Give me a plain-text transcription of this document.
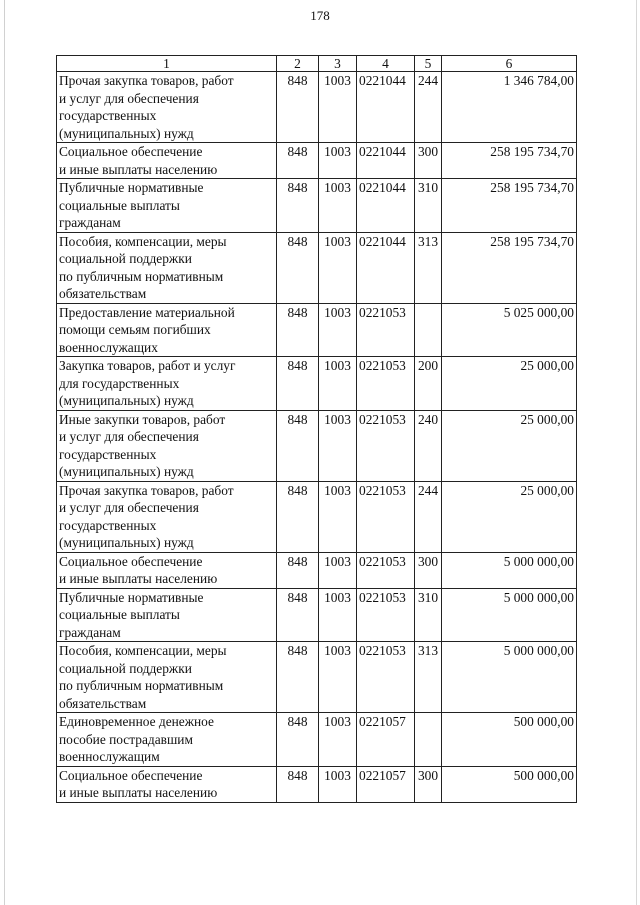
178
1	2	3	4	5	6

Прочая закупка товаров, работ
и услуг для обеспечения
государственных
(муниципальных) нужд	848	1003	0221044	244	1 346 784,00

Социальное обеспечение
и иные выплаты населению	848	1003	0221044	300	258 195 734,70

Публичные нормативные
социальные выплаты
гражданам	848	1003	0221044	310	258 195 734,70

Пособия, компенсации, меры
социальной поддержки
по публичным нормативным
обязательствам	848	1003	0221044	313	258 195 734,70

Предоставление материальной
помощи семьям погибших
военнослужащих	848	1003	0221053		5 025 000,00

Закупка товаров, работ и услуг
для государственных
(муниципальных) нужд	848	1003	0221053	200	25 000,00

Иные закупки товаров, работ
и услуг для обеспечения
государственных
(муниципальных) нужд	848	1003	0221053	240	25 000,00

Прочая закупка товаров, работ
и услуг для обеспечения
государственных
(муниципальных) нужд	848	1003	0221053	244	25 000,00

Социальное обеспечение
и иные выплаты населению	848	1003	0221053	300	5 000 000,00

Публичные нормативные
социальные выплаты
гражданам	848	1003	0221053	310	5 000 000,00

Пособия, компенсации, меры
социальной поддержки
по публичным нормативным
обязательствам	848	1003	0221053	313	5 000 000,00

Единовременное денежное
пособие пострадавшим
военнослужащим	848	1003	0221057		500 000,00

Социальное обеспечение
и иные выплаты населению	848	1003	0221057	300	500 000,00
